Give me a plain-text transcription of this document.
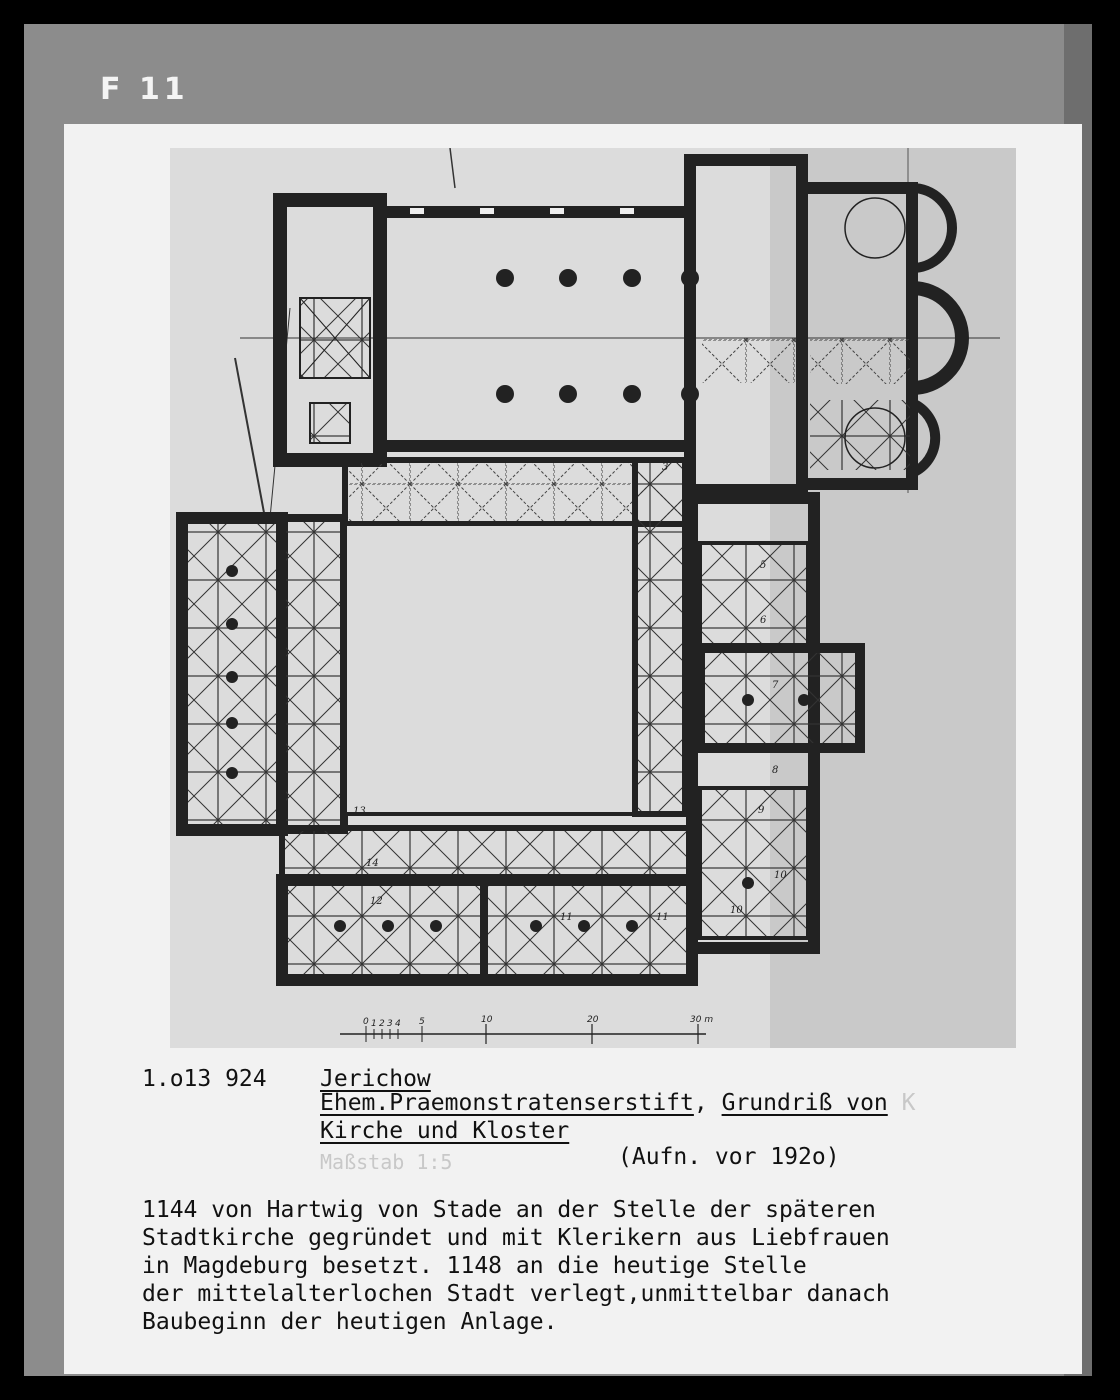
F 11
3
5
6
7
8
9
10
10
11	11
12
13
14
0 1 2 3 4 5	10	20	30 m
1.o13 924 Jerichow
Ehem.Praemonstratenserstift, Grundriß von K
Kirche und Kloster
Maßstab 1:5	(Aufn. vor 192o)
1144 von Hartwig von Stade an der Stelle der späteren
Stadtkirche gegründet und mit Klerikern aus Liebfrauen
in Magdeburg besetzt. 1148 an die heutige Stelle
der mittelalterlochen Stadt verlegt,unmittelbar danach
Baubeginn der heutigen Anlage.
